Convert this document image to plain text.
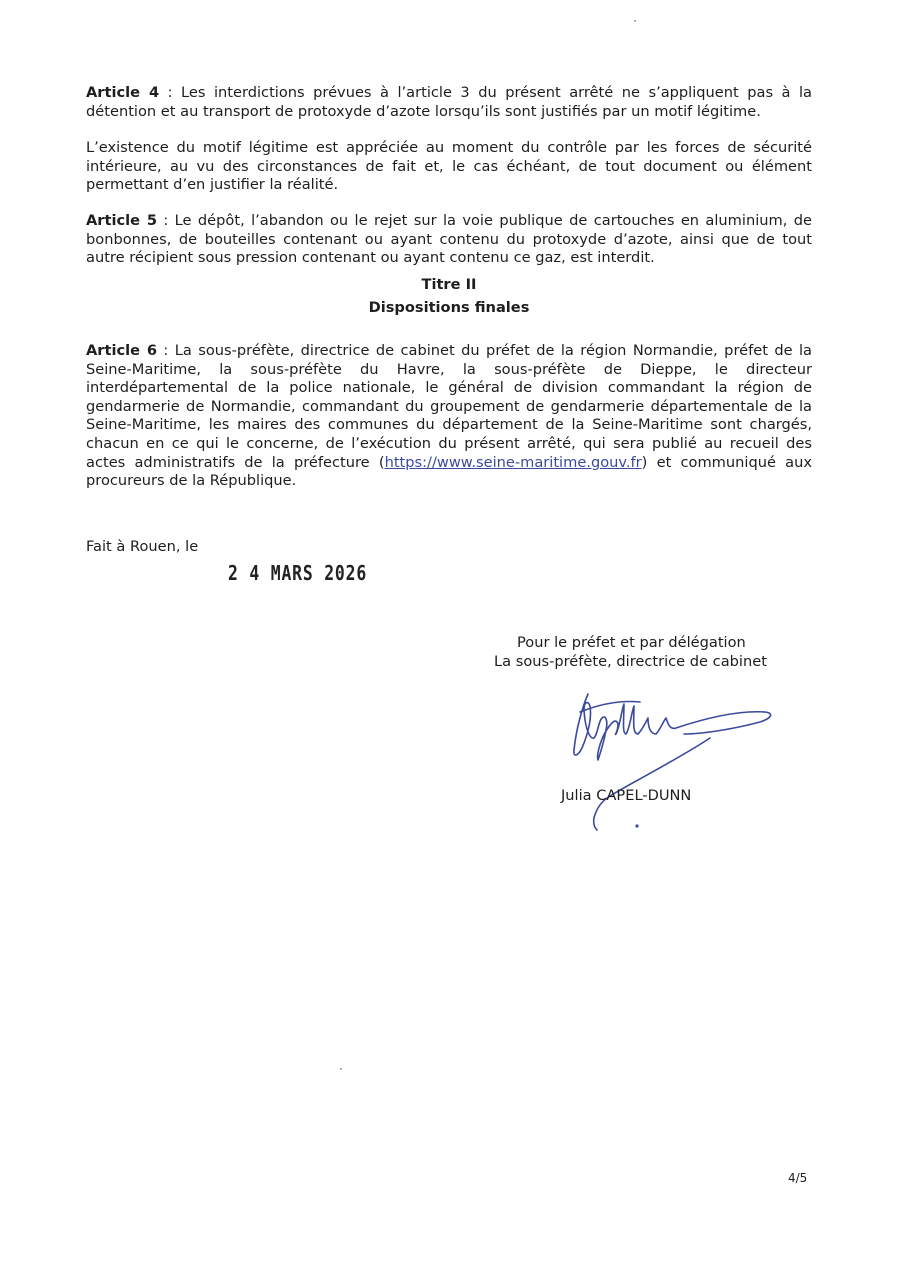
Article 4 : Les interdictions prévues à l’article 3 du présent arrêté ne s’appliquent pas à la détention et au transport de protoxyde d’azote lorsqu’ils sont justifiés par un motif légitime.

L’existence du motif légitime est appréciée au moment du contrôle par les forces de sécurité intérieure, au vu des circonstances de fait et, le cas échéant, de tout document ou élément permettant d’en justifier la réalité.

Article 5 : Le dépôt, l’abandon ou le rejet sur la voie publique de cartouches en aluminium, de bonbonnes, de bouteilles contenant ou ayant contenu du protoxyde d’azote, ainsi que de tout autre récipient sous pression contenant ou ayant contenu ce gaz, est interdit.

Titre II

Dispositions finales

Article 6 : La sous-préfète, directrice de cabinet du préfet de la région Normandie, préfet de la Seine-Maritime, la sous-préfète du Havre, la sous-préfète de Dieppe, le directeur interdépartemental de la police nationale, le général de division commandant la région de gendarmerie de Normandie, commandant du groupement de gendarmerie départementale de la Seine-Maritime, les maires des communes du département de la Seine-Maritime sont chargés, chacun en ce qui le concerne, de l’exécution du présent arrêté, qui sera publié au recueil des actes administratifs de la préfecture (https://www.seine-maritime.gouv.fr) et communiqué aux procureurs de la République.

Fait à Rouen, le
2 4 MARS 2026
Pour le préfet et par délégation
La sous-préfète, directrice de cabinet
Julia CAPEL-DUNN
4/5
